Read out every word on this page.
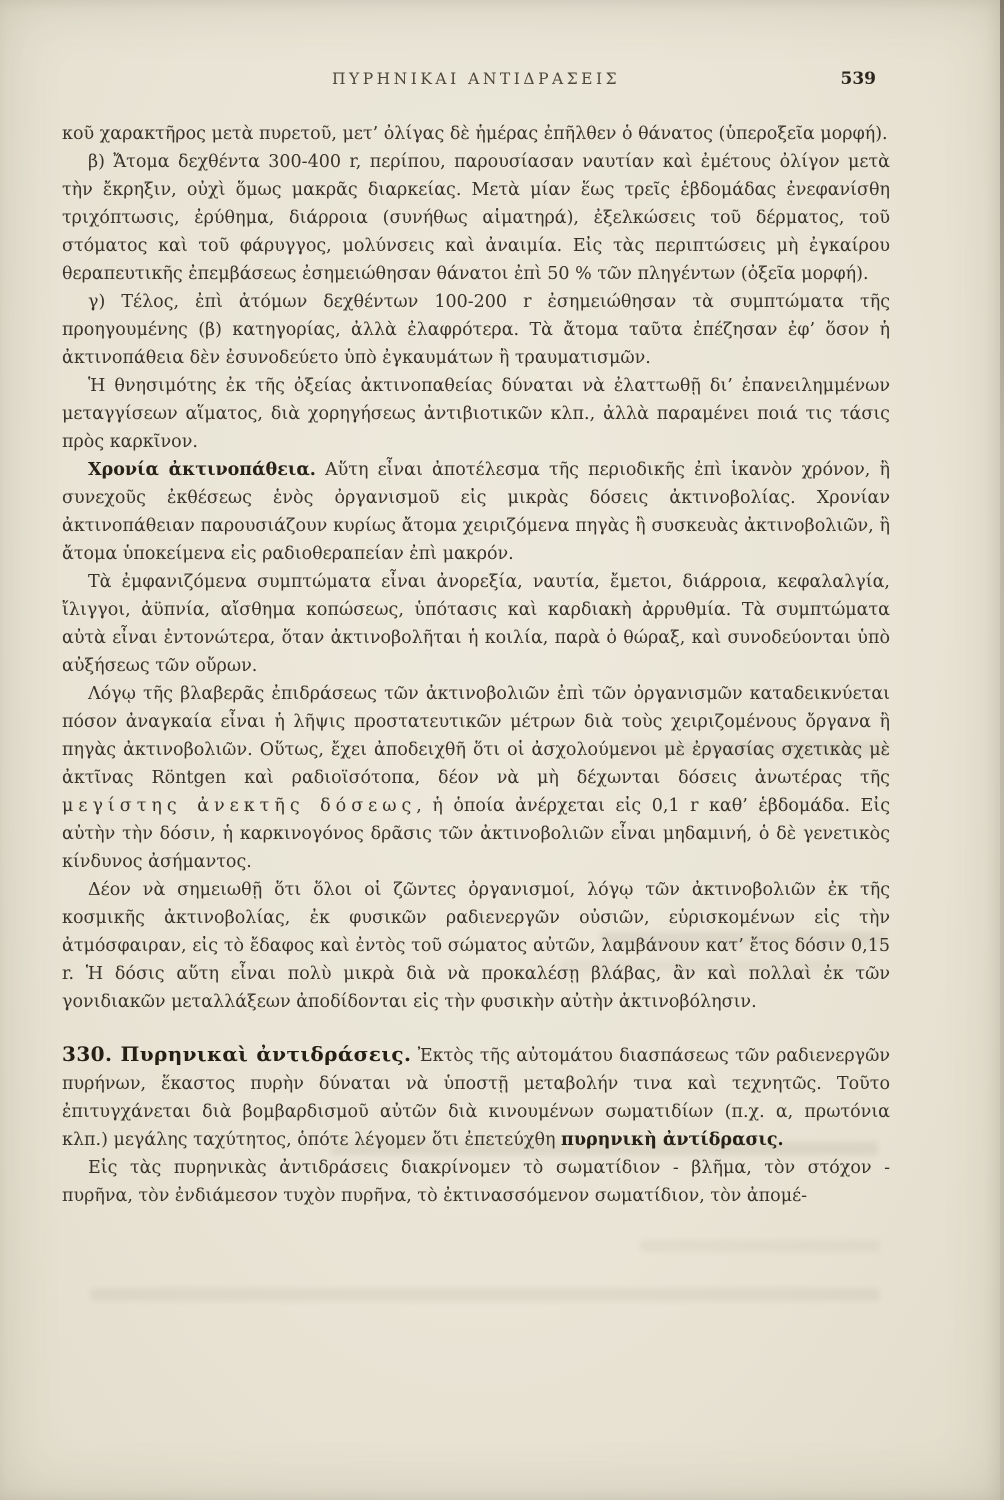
ΠΥΡΗΝΙΚΑΙ ΑΝΤΙΔΡΑΣΕΙΣ	539

κοῦ χαρακτῆρος μετὰ πυρετοῦ, μετ’ ὀλίγας δὲ ἡμέρας ἐπῆλθεν ὁ θάνατος (ὑπεροξεῖα μορφή).

β) Ἄτομα δεχθέντα 300-400 r, περίπου, παρουσίασαν ναυτίαν καὶ ἐμέτους ὀλίγον μετὰ τὴν ἔκρηξιν, οὐχὶ ὅμως μακρᾶς διαρκείας. Μετὰ μίαν ἕως τρεῖς ἑβδομάδας ἐνεφανίσθη τριχόπτωσις, ἐρύθημα, διάρροια (συνήθως αἱματηρά), ἐξελκώσεις τοῦ δέρματος, τοῦ στόματος καὶ τοῦ φάρυγγος, μολύνσεις καὶ ἀναιμία. Εἰς τὰς περιπτώσεις μὴ ἐγκαίρου θεραπευτικῆς ἐπεμβάσεως ἐσημειώθησαν θάνατοι ἐπὶ 50 % τῶν πληγέντων (ὀξεῖα μορφή).

γ) Τέλος, ἐπὶ ἀτόμων δεχθέντων 100-200 r ἐσημειώθησαν τὰ συμπτώματα τῆς προηγουμένης (β) κατηγορίας, ἀλλὰ ἐλαφρότερα. Τὰ ἄτομα ταῦτα ἐπέζησαν ἐφ’ ὅσον ἡ ἀκτινοπάθεια δὲν ἐσυνοδεύετο ὑπὸ ἐγκαυμάτων ἢ τραυματισμῶν.

Ἡ θνησιμότης ἐκ τῆς ὀξείας ἀκτινοπαθείας δύναται νὰ ἐλαττωθῇ δι’ ἐπανειλημμένων μεταγγίσεων αἵματος, διὰ χορηγήσεως ἀντιβιοτικῶν κλπ., ἀλλὰ παραμένει ποιά τις τάσις πρὸς καρκῖνον.

Χρονία ἀκτινοπάθεια. Αὕτη εἶναι ἀποτέλεσμα τῆς περιοδικῆς ἐπὶ ἱκανὸν χρόνον, ἢ συνεχοῦς ἐκθέσεως ἑνὸς ὀργανισμοῦ εἰς μικρὰς δόσεις ἀκτινοβολίας. Χρονίαν ἀκτινοπάθειαν παρουσιάζουν κυρίως ἄτομα χειριζόμενα πηγὰς ἢ συσκευὰς ἀκτινοβολιῶν, ἢ ἄτομα ὑποκείμενα εἰς ραδιοθεραπείαν ἐπὶ μακρόν.

Τὰ ἐμφανιζόμενα συμπτώματα εἶναι ἀνορεξία, ναυτία, ἔμετοι, διάρροια, κεφαλαλγία, ἴλιγγοι, ἀϋπνία, αἴσθημα κοπώσεως, ὑπότασις καὶ καρδιακὴ ἀρρυθμία. Τὰ συμπτώματα αὐτὰ εἶναι ἐντονώτερα, ὅταν ἀκτινοβολῆται ἡ κοιλία, παρὰ ὁ θώραξ, καὶ συνοδεύονται ὑπὸ αὐξήσεως τῶν οὔρων.

Λόγῳ τῆς βλαβερᾶς ἐπιδράσεως τῶν ἀκτινοβολιῶν ἐπὶ τῶν ὀργανισμῶν καταδεικνύεται πόσον ἀναγκαία εἶναι ἡ λῆψις προστατευτικῶν μέτρων διὰ τοὺς χειριζομένους ὄργανα ἢ πηγὰς ἀκτινοβολιῶν. Οὕτως, ἔχει ἀποδειχθῆ ὅτι οἱ ἀσχολούμενοι μὲ ἐργασίας σχετικὰς μὲ ἀκτῖνας Röntgen καὶ ραδιοϊσότοπα, δέον νὰ μὴ δέχωνται δόσεις ἀνωτέρας τῆς μεγίστης ἀνεκτῆς δόσεως, ἡ ὁποία ἀνέρχεται εἰς 0,1 r καθ’ ἑβδομάδα. Εἰς αὐτὴν τὴν δόσιν, ἡ καρκινογόνος δρᾶσις τῶν ἀκτινοβολιῶν εἶναι μηδαμινή, ὁ δὲ γενετικὸς κίνδυνος ἀσήμαντος.

Δέον νὰ σημειωθῇ ὅτι ὅλοι οἱ ζῶντες ὀργανισμοί, λόγῳ τῶν ἀκτινοβολιῶν ἐκ τῆς κοσμικῆς ἀκτινοβολίας, ἐκ φυσικῶν ραδιενεργῶν οὐσιῶν, εὑρισκομένων εἰς τὴν ἀτμόσφαιραν, εἰς τὸ ἔδαφος καὶ ἐντὸς τοῦ σώματος αὐτῶν, λαμβάνουν κατ’ ἔτος δόσιν 0,15 r. Ἡ δόσις αὕτη εἶναι πολὺ μικρὰ διὰ νὰ προκαλέσῃ βλάβας, ἂν καὶ πολλαὶ ἐκ τῶν γονιδιακῶν μεταλλάξεων ἀποδίδονται εἰς τὴν φυσικὴν αὐτὴν ἀκτινοβόλησιν.

330. Πυρηνικαὶ ἀντιδράσεις. Ἐκτὸς τῆς αὐτομάτου διασπάσεως τῶν ραδιενεργῶν πυρήνων, ἕκαστος πυρὴν δύναται νὰ ὑποστῇ μεταβολήν τινα καὶ τεχνητῶς. Τοῦτο ἐπιτυγχάνεται διὰ βομβαρδισμοῦ αὐτῶν διὰ κινουμένων σωματιδίων (π.χ. α, πρωτόνια κλπ.) μεγάλης ταχύτητος, ὁπότε λέγομεν ὅτι ἐπετεύχθη πυρηνικὴ ἀντίδρασις.

Εἰς τὰς πυρηνικὰς ἀντιδράσεις διακρίνομεν τὸ σωματίδιον - βλῆμα, τὸν στόχον - πυρῆνα, τὸν ἐνδιάμεσον τυχὸν πυρῆνα, τὸ ἐκτινασσόμενον σωματίδιον, τὸν ἀπομέ-
